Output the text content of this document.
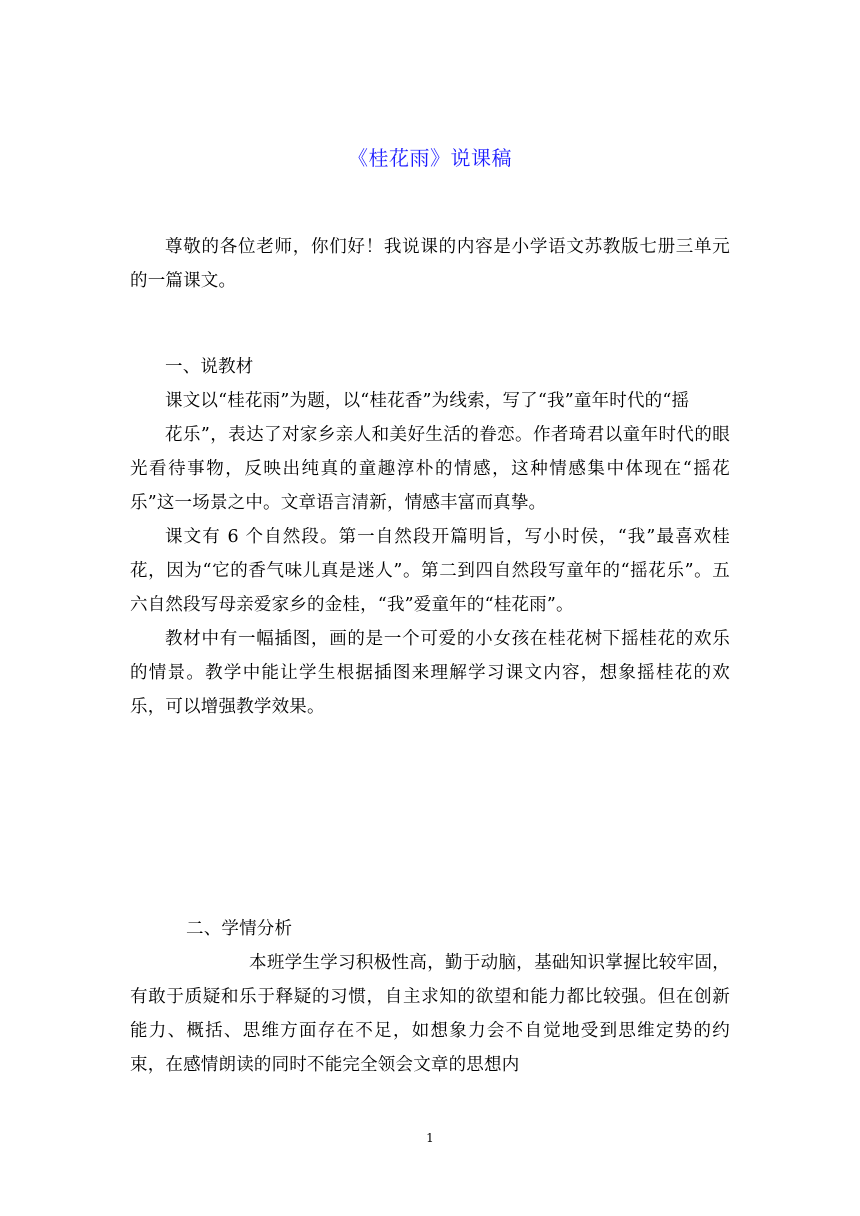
《桂花雨》说课稿

尊敬的各位老师，你们好！我说课的内容是小学语文苏教版七册三单元的一篇课文。

一、说教材

课文以“桂花雨”为题，以“桂花香”为线索，写了“我”童年时代的“摇

花乐”，表达了对家乡亲人和美好生活的眷恋。作者琦君以童年时代的眼光看待事物，反映出纯真的童趣淳朴的情感，这种情感集中体现在“摇花乐”这一场景之中。文章语言清新，情感丰富而真挚。

课文有 6 个自然段。第一自然段开篇明旨，写小时侯，“我”最喜欢桂花，因为“它的香气味儿真是迷人”。第二到四自然段写童年的“摇花乐”。五六自然段写母亲爱家乡的金桂，“我”爱童年的“桂花雨”。

教材中有一幅插图，画的是一个可爱的小女孩在桂花树下摇桂花的欢乐的情景。教学中能让学生根据插图来理解学习课文内容，想象摇桂花的欢乐，可以增强教学效果。

二、学情分析

本班学生学习积极性高，勤于动脑，基础知识掌握比较牢固，有敢于质疑和乐于释疑的习惯，自主求知的欲望和能力都比较强。但在创新能力、概括、思维方面存在不足，如想象力会不自觉地受到思维定势的约束，在感情朗读的同时不能完全领会文章的思想内

1
